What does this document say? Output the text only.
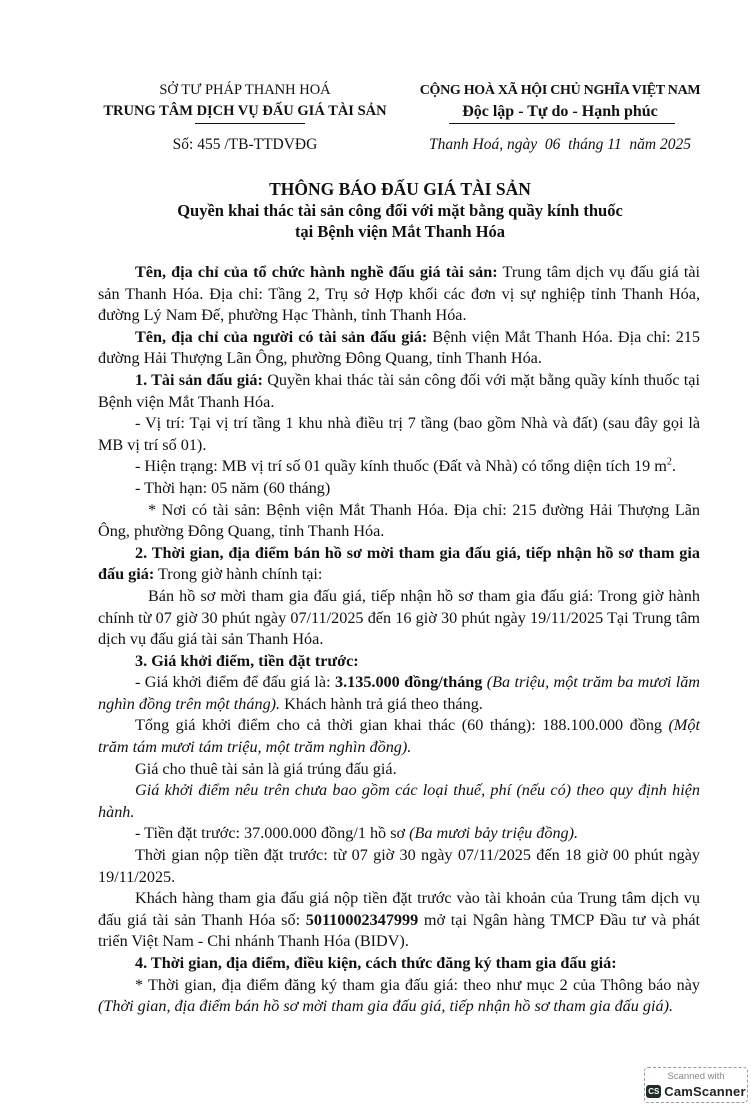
SỞ TƯ PHÁP THANH HOÁ
TRUNG TÂM DỊCH VỤ ĐẤU GIÁ TÀI SẢN
Số: 455 /TB-TTDVĐG
CỘNG HOÀ XÃ HỘI CHỦ NGHĨA VIỆT NAM
Độc lập - Tự do - Hạnh phúc
Thanh Hoá, ngày  06  tháng 11  năm 2025
THÔNG BÁO ĐẤU GIÁ TÀI SẢN
Quyền khai thác tài sản công đối với mặt bằng quầy kính thuốc
tại Bệnh viện Mắt Thanh Hóa

Tên, địa chỉ của tổ chức hành nghề đấu giá tài sản: Trung tâm dịch vụ đấu giá tài sản Thanh Hóa. Địa chỉ: Tầng 2, Trụ sở Hợp khối các đơn vị sự nghiệp tỉnh Thanh Hóa, đường Lý Nam Đế, phường Hạc Thành, tỉnh Thanh Hóa.

Tên, địa chỉ của người có tài sản đấu giá: Bệnh viện Mắt Thanh Hóa. Địa chỉ: 215 đường Hải Thượng Lãn Ông, phường Đông Quang, tỉnh Thanh Hóa.

1. Tài sản đấu giá: Quyền khai thác tài sản công đối với mặt bằng quầy kính thuốc tại Bệnh viện Mắt Thanh Hóa.

- Vị trí: Tại vị trí tầng 1 khu nhà điều trị 7 tầng (bao gồm Nhà và đất) (sau đây gọi là MB vị trí số 01).

- Hiện trạng: MB vị trí số 01 quầy kính thuốc (Đất và Nhà) có tổng diện tích 19 $m^2$.

- Thời hạn: 05 năm (60 tháng)

* Nơi có tài sản: Bệnh viện Mắt Thanh Hóa. Địa chỉ: 215 đường Hải Thượng Lãn Ông, phường Đông Quang, tỉnh Thanh Hóa.

2. Thời gian, địa điểm bán hồ sơ mời tham gia đấu giá, tiếp nhận hồ sơ tham gia đấu giá: Trong giờ hành chính tại:

Bán hồ sơ mời tham gia đấu giá, tiếp nhận hồ sơ tham gia đấu giá: Trong giờ hành chính từ 07 giờ 30 phút ngày 07/11/2025 đến 16 giờ 30 phút ngày 19/11/2025 Tại Trung tâm dịch vụ đấu giá tài sản Thanh Hóa.

3. Giá khởi điểm, tiền đặt trước:

- Giá khởi điểm để đấu giá là: 3.135.000 đồng/tháng (Ba triệu, một trăm ba mươi lăm nghìn đồng trên một tháng). Khách hành trả giá theo tháng.

Tổng giá khởi điểm cho cả thời gian khai thác (60 tháng): 188.100.000 đồng (Một trăm tám mươi tám triệu, một trăm nghìn đồng).

Giá cho thuê tài sản là giá trúng đấu giá.

Giá khởi điểm nêu trên chưa bao gồm các loại thuế, phí (nếu có) theo quy định hiện hành.

- Tiền đặt trước: 37.000.000 đồng/1 hồ sơ (Ba mươi bảy triệu đồng).

Thời gian nộp tiền đặt trước: từ 07 giờ 30 ngày 07/11/2025 đến 18 giờ 00 phút ngày 19/11/2025.

Khách hàng tham gia đấu giá nộp tiền đặt trước vào tài khoản của Trung tâm dịch vụ đấu giá tài sản Thanh Hóa số: 50110002347999 mở tại Ngân hàng TMCP Đầu tư và phát triển Việt Nam - Chi nhánh Thanh Hóa (BIDV).

4. Thời gian, địa điểm, điều kiện, cách thức đăng ký tham gia đấu giá:

* Thời gian, địa điểm đăng ký tham gia đấu giá: theo như mục 2 của Thông báo này (Thời gian, địa điểm bán hồ sơ mời tham gia đấu giá, tiếp nhận hồ sơ tham gia đấu giá).

Scanned with
CS CamScanner
